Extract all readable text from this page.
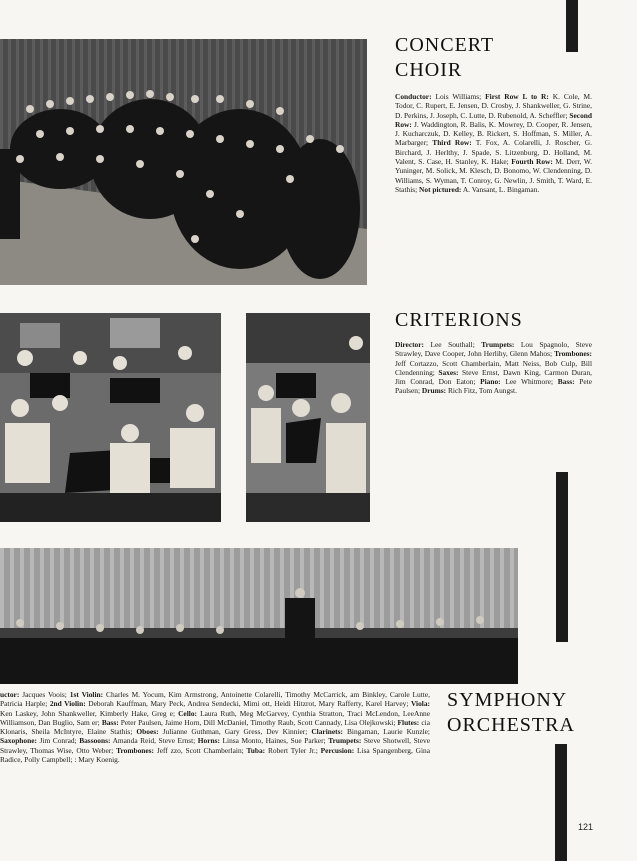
CONCERT
CHOIR
Conductor: Lois Williams; First Row L to R: K. Cole, M. Todor, C. Rupert, E. Jensen, D. Crosby, J. Shankweller, G. Strine, D. Perkins, J. Joseph, C. Lutte, D. Rubenold, A. Scheffler; Second Row: J. Waddington, R. Balis, K. Mowrey, D. Cooper, R. Jensen, J. Kucharczuk, D. Kelley, B. Rickert, S. Hoffman, S. Miller, A. Marbarger; Third Row: T. Fox, A. Colarelli, J. Roscher, G. Birchard, J. Herlthy, J. Spade, S. Litzenburg, D. Holland, M. Valent, S. Case, H. Stanley, K. Hake; Fourth Row: M. Derr, W. Yuninger, M. Solick, M. Klesch, D. Bonomo, W. Clendenning, D. Williams, S. Wyman, T. Conroy, G. Newlin, J. Smith, T. Ward, E. Stathis; Not pictured: A. Vansant, L. Bingaman.
CRITERIONS
Director: Lee Southall; Trumpets: Lou Spagnolo, Steve Strawley, Dave Cooper, John Herlihy, Glenn Mahos; Trombones: Jeff Cortazzo, Scott Chamberlain, Matt Neiss, Bob Culp, Bill Clendenning; Saxes: Steve Ernst, Dawn King, Carmon Duran, Jim Conrad, Don Eaton; Piano: Lee Whitmore; Bass: Pete Paulsen; Drums: Rich Fitz, Tom Aungst.
uctor: Jacques Voois; 1st Violin: Charles M. Yocum, Kim Armstrong, Antoinette Colarelli, Timothy McCarrick, am Binkley, Carole Lutte, Patricia Harple; 2nd Violin: Deborah Kauffman, Mary Peck, Andrea Sendecki, Mimi ott, Heidi Hitzrot, Mary Rafferty, Karel Harvey; Viola: Ken Laskey, John Shankweller, Kimberly Hake, Greg e; Cello: Laura Ruth, Meg McGarvey, Cynthia Stratton, Traci McLendon, LeeAnne Williamson, Dan Buglio, Sam er; Bass: Peter Paulsen, Jaime Horn, Dill McDaniel, Timothy Raub, Scott Cannady, Lisa Olejkowski; Flutes: cia Klonaris, Sheila McIntyre, Elaine Stathis; Oboes: Julianne Guthman, Gary Gress, Dev Kinnier; Clarinets: Bingaman, Laurie Kunzle; Saxophone: Jim Conrad; Bassoons: Amanda Reid, Steve Ernst; Horns: Linsa Monto, Haines, Sue Parker; Trumpets: Steve Shotwell, Steve Strawley, Thomas Wise, Otto Weber; Trombones: Jeff zzo, Scott Chamberlain; Tuba: Robert Tyler Jr.; Percusion: Lisa Spangenberg, Gina Radice, Polly Campbell; : Mary Koenig.
SYMPHONY
ORCHESTRA
121
